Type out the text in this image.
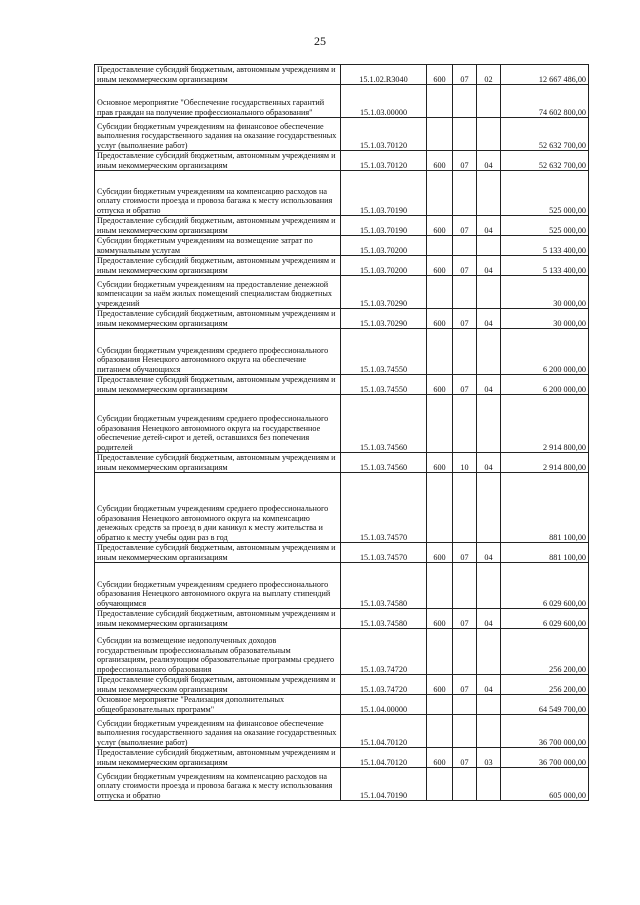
25
Предоставление субсидий бюджетным, автономным учреждениям и иным некоммерческим организациям	15.1.02.R3040	600	07	02	12 667 486,00
Основное мероприятие "Обеспечение государственных гарантий прав граждан на получение профессионального образования"	15.1.03.00000				74 602 800,00
Субсидии бюджетным учреждениям на финансовое обеспечение выполнения государственного задания на оказание государственных услуг (выполнение работ)	15.1.03.70120				52 632 700,00
Предоставление субсидий бюджетным, автономным учреждениям и иным некоммерческим организациям	15.1.03.70120	600	07	04	52 632 700,00
Субсидии бюджетным учреждениям на компенсацию расходов на оплату стоимости проезда и провоза багажа к месту использования отпуска и обратно	15.1.03.70190				525 000,00
Предоставление субсидий бюджетным, автономным учреждениям и иным некоммерческим организациям	15.1.03.70190	600	07	04	525 000,00
Субсидии бюджетным учреждениям на возмещение затрат по коммунальным услугам	15.1.03.70200				5 133 400,00
Предоставление субсидий бюджетным, автономным учреждениям и иным некоммерческим организациям	15.1.03.70200	600	07	04	5 133 400,00
Субсидии бюджетным учреждениям на предоставление денежной компенсации за наём жилых помещений специалистам бюджетных учреждений	15.1.03.70290				30 000,00
Предоставление субсидий бюджетным, автономным учреждениям и иным некоммерческим организациям	15.1.03.70290	600	07	04	30 000,00
Субсидии бюджетным учреждениям среднего профессионального образования Ненецкого автономного округа на обеспечение питанием обучающихся	15.1.03.74550				6 200 000,00
Предоставление субсидий бюджетным, автономным учреждениям и иным некоммерческим организациям	15.1.03.74550	600	07	04	6 200 000,00
Субсидии бюджетным учреждениям среднего профессионального образования Ненецкого автономного округа на государственное обеспечение детей-сирот и детей, оставшихся без попечения родителей	15.1.03.74560				2 914 800,00
Предоставление субсидий бюджетным, автономным учреждениям и иным некоммерческим организациям	15.1.03.74560	600	10	04	2 914 800,00
Субсидии бюджетным учреждениям среднего профессионального образования Ненецкого автономного округа на компенсацию денежных средств за проезд в дни каникул к месту жительства и обратно к месту учебы один раз в год	15.1.03.74570				881 100,00
Предоставление субсидий бюджетным, автономным учреждениям и иным некоммерческим организациям	15.1.03.74570	600	07	04	881 100,00
Субсидии бюджетным учреждениям среднего профессионального образования Ненецкого автономного округа на выплату стипендий обучающимся	15.1.03.74580				6 029 600,00
Предоставление субсидий бюджетным, автономным учреждениям и иным некоммерческим организациям	15.1.03.74580	600	07	04	6 029 600,00
Субсидии на возмещение недополученных доходов государственным профессиональным образовательным организациям, реализующим образовательные программы среднего профессионального образования	15.1.03.74720				256 200,00
Предоставление субсидий бюджетным, автономным учреждениям и иным некоммерческим организациям	15.1.03.74720	600	07	04	256 200,00
Основное мероприятие "Реализация дополнительных общеобразовательных программ"	15.1.04.00000				64 549 700,00
Субсидии бюджетным учреждениям на финансовое обеспечение выполнения государственного задания на оказание государственных услуг (выполнение работ)	15.1.04.70120				36 700 000,00
Предоставление субсидий бюджетным, автономным учреждениям и иным некоммерческим организациям	15.1.04.70120	600	07	03	36 700 000,00
Субсидии бюджетным учреждениям на компенсацию расходов на оплату стоимости проезда и провоза багажа к месту использования отпуска и обратно	15.1.04.70190				605 000,00
